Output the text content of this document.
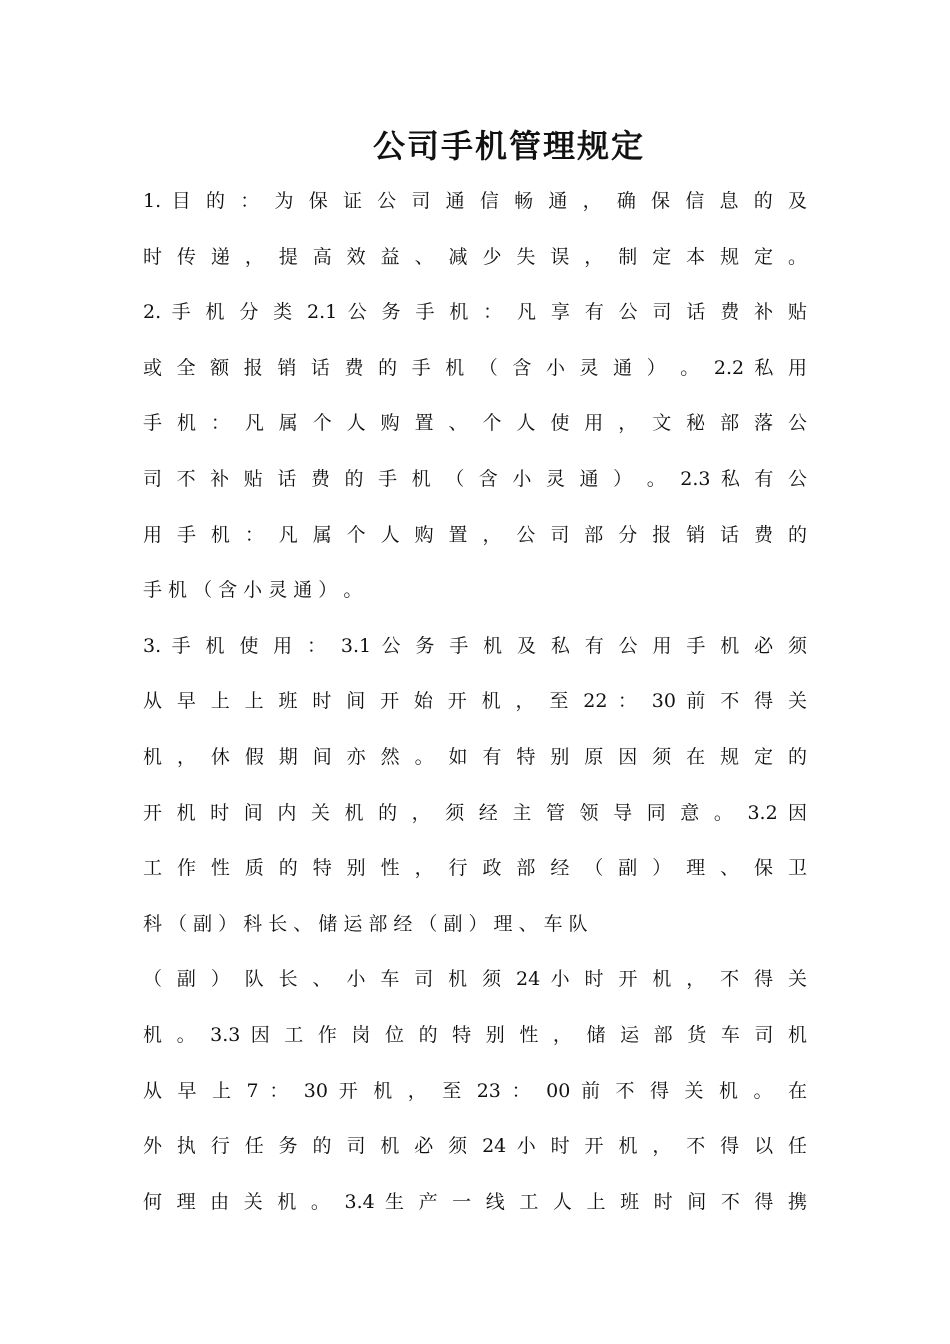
公司手机管理规定
1. 目 的 ： 为 保 证 公 司 通 信 畅 通 ， 确 保 信 息 的 及
时 传 递 ， 提 高 效 益 、 减 少 失 误 ， 制 定 本 规 定 。
2. 手 机 分 类 2.1 公 务 手 机 ： 凡 享 有 公 司 话 费 补 贴
或 全 额 报 销 话 费 的 手 机 （ 含 小 灵 通 ） 。 2.2 私 用
手 机 ： 凡 属 个 人 购 置 、 个 人 使 用 ， 文 秘 部 落 公
司 不 补 贴 话 费 的 手 机 （ 含 小 灵 通 ） 。 2.3 私 有 公
用 手 机 ： 凡 属 个 人 购 置 ， 公 司 部 分 报 销 话 费 的
手 机 （ 含 小 灵 通 ） 。
3. 手 机 使 用 ： 3.1 公 务 手 机 及 私 有 公 用 手 机 必 须
从 早 上 上 班 时 间 开 始 开 机 ， 至 22 ： 30 前 不 得 关
机 ， 休 假 期 间 亦 然 。 如 有 特 别 原 因 须 在 规 定 的
开 机 时 间 内 关 机 的 ， 须 经 主 管 领 导 同 意 。 3.2 因
工 作 性 质 的 特 别 性 ， 行 政 部 经 （ 副 ） 理 、 保 卫
科 （ 副 ） 科 长 、 储 运 部 经 （ 副 ） 理 、 车 队
（ 副 ） 队 长 、 小 车 司 机 须 24 小 时 开 机 ， 不 得 关
机 。 3.3 因 工 作 岗 位 的 特 别 性 ， 储 运 部 货 车 司 机
从 早 上 7 ： 30 开 机 ， 至 23 ： 00 前 不 得 关 机 。 在
外 执 行 任 务 的 司 机 必 须 24 小 时 开 机 ， 不 得 以 任
何 理 由 关 机 。 3.4 生 产 一 线 工 人 上 班 时 间 不 得 携
